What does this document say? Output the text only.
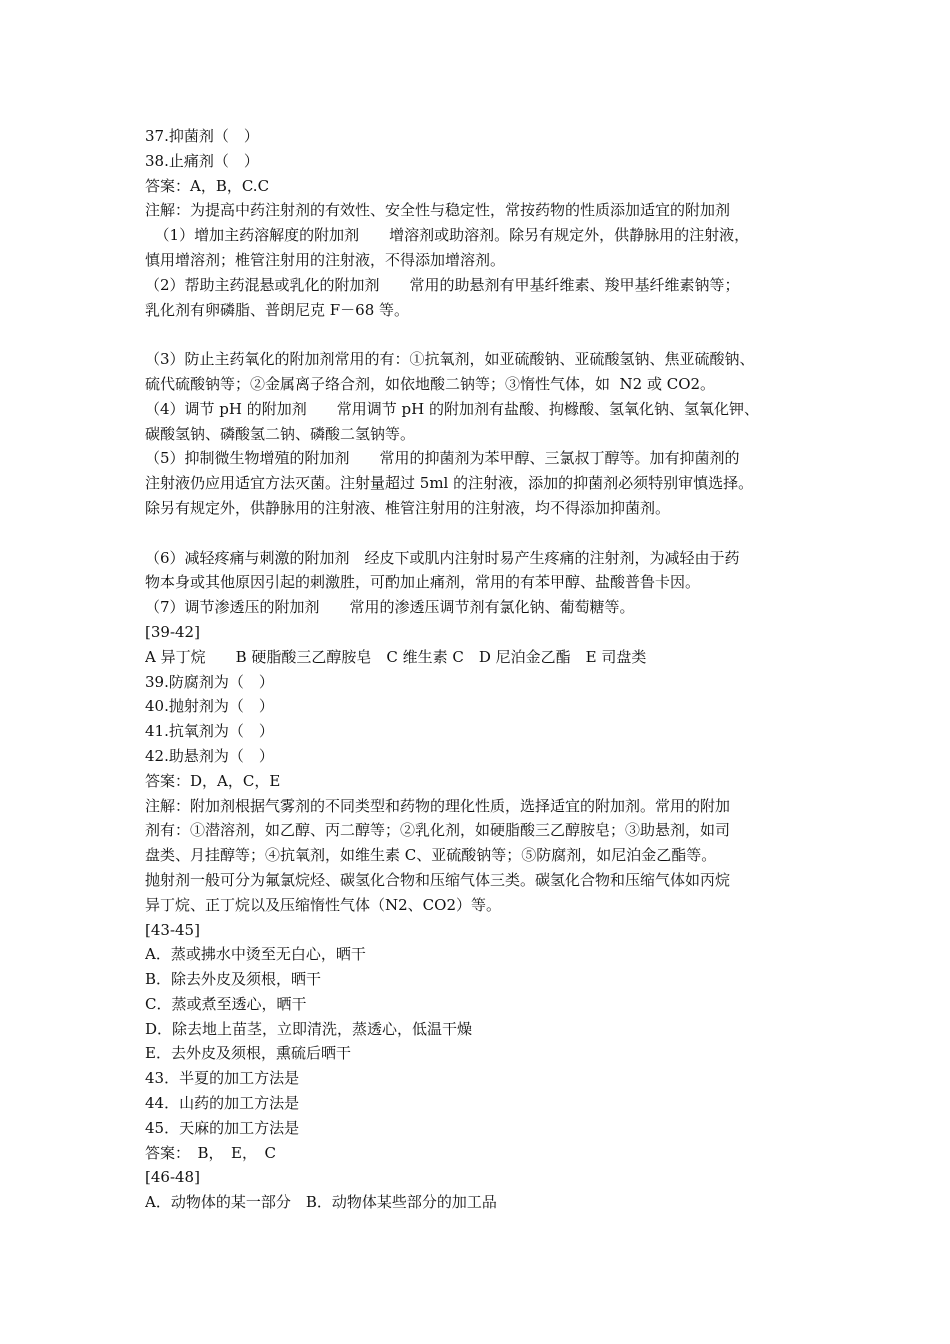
37.抑菌剂（　）
38.止痛剂（　）
答案：A，B，C.C
注解：为提高中药注射剂的有效性、安全性与稳定性，常按药物的性质添加适宜的附加剂
（1）增加主药溶解度的附加剂　　增溶剂或助溶剂。除另有规定外，供静脉用的注射液，
慎用增溶剂；椎管注射用的注射液，不得添加增溶剂。
（2）帮助主药混悬或乳化的附加剂　　常用的助悬剂有甲基纤维素、羧甲基纤维素钠等；
乳化剂有卵磷脂、普朗尼克 F－68 等。
（3）防止主药氧化的附加剂常用的有：①抗氧剂，如亚硫酸钠、亚硫酸氢钠、焦亚硫酸钠、
硫代硫酸钠等；②金属离子络合剂，如依地酸二钠等；③惰性气体，如  N2 或 CO2。
（4）调节 pH 的附加剂　　常用调节 pH 的附加剂有盐酸、拘橼酸、氢氧化钠、氢氧化钾、
碳酸氢钠、磷酸氢二钠、磷酸二氢钠等。
（5）抑制微生物增殖的附加剂　　常用的抑菌剂为苯甲醇、三氯叔丁醇等。加有抑菌剂的
注射液仍应用适宜方法灭菌。注射量超过 5ml 的注射液，添加的抑菌剂必须特别审慎选择。
除另有规定外，供静脉用的注射液、椎管注射用的注射液，均不得添加抑菌剂。
（6）减轻疼痛与刺激的附加剂　经皮下或肌内注射时易产生疼痛的注射剂，为减轻由于药
物本身或其他原因引起的刺激胜，可酌加止痛剂，常用的有苯甲醇、盐酸普鲁卡因。
（7）调节渗透压的附加剂　　常用的渗透压调节剂有氯化钠、葡萄糖等。
[39-42]
A 异丁烷　　B 硬脂酸三乙醇胺皂　C 维生素 C　D 尼泊金乙酯　E 司盘类
39.防腐剂为（　）
40.抛射剂为（　）
41.抗氧剂为（　）
42.助悬剂为（　）
答案：D，A，C，E
注解：附加剂根据气雾剂的不同类型和药物的理化性质，选择适宜的附加剂。常用的附加
剂有：①潜溶剂，如乙醇、丙二醇等；②乳化剂，如硬脂酸三乙醇胺皂；③助悬剂，如司
盘类、月挂醇等；④抗氧剂，如维生素 C、亚硫酸钠等；⑤防腐剂，如尼泊金乙酯等。
抛射剂一般可分为氟氯烷烃、碳氢化合物和压缩气体三类。碳氢化合物和压缩气体如丙烷
异丁烷、正丁烷以及压缩惰性气体（N2、CO2）等。
[43-45]
A．蒸或拂水中烫至无白心，晒干
B．除去外皮及须根，晒干
C．蒸或煮至透心，晒干
D．除去地上苗茎，立即清洗，蒸透心，低温干燥
E．去外皮及须根，熏硫后晒干
43．半夏的加工方法是
44．山药的加工方法是
45．天麻的加工方法是
答案：　B，　E，　C
[46-48]
A．动物体的某一部分　B．动物体某些部分的加工品
